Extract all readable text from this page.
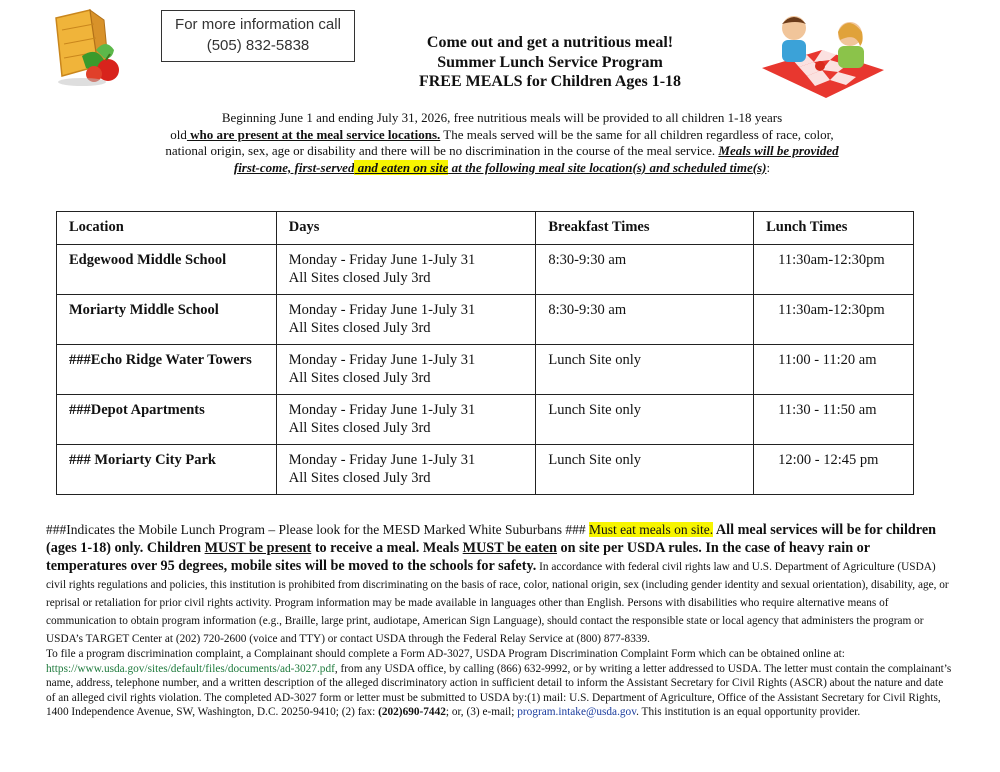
For more information call
(505) 832-5838	Come out and get a nutritious meal!
Summer Lunch Service Program
FREE MEALS for Children Ages 1-18
Beginning June 1 and ending July 31, 2026, free nutritious meals will be provided to all children 1-18 years
old who are present at the meal service locations. The meals served will be the same for all children regardless of race, color,
national origin, sex, age or disability and there will be no discrimination in the course of the meal service. Meals will be provided
first-come, first-served and eaten on site at the following meal site location(s) and scheduled time(s):
Location	Days	Breakfast Times	Lunch Times
Edgewood Middle School	Monday - Friday June 1-July 31
All Sites closed July 3rd	8:30-9:30 am	11:30am-12:30pm
Moriarty Middle School	Monday - Friday June 1-July 31
All Sites closed July 3rd	8:30-9:30 am	11:30am-12:30pm
###Echo Ridge Water Towers	Monday - Friday June 1-July 31
All Sites closed July 3rd	Lunch Site only	11:00 - 11:20 am
###Depot Apartments	Monday - Friday June 1-July 31
All Sites closed July 3rd	Lunch Site only	11:30 - 11:50 am
### Moriarty City Park	Monday - Friday June 1-July 31
All Sites closed July 3rd	Lunch Site only	12:00 - 12:45 pm
###Indicates the Mobile Lunch Program – Please look for the MESD Marked White Suburbans ### Must eat meals on site. All meal services will be for children (ages 1-18) only. Children MUST be present to receive a meal. Meals MUST be eaten on site per USDA rules. In the case of heavy rain or temperatures over 95 degrees, mobile sites will be moved to the schools for safety. In accordance with federal civil rights law and U.S. Department of Agriculture (USDA) civil rights regulations and policies, this institution is prohibited from discriminating on the basis of race, color, national origin, sex (including gender identity and sexual orientation), disability, age, or reprisal or retaliation for prior civil rights activity. Program information may be made available in languages other than English. Persons with disabilities who require alternative means of communication to obtain program information (e.g., Braille, large print, audiotape, American Sign Language), should contact the responsible state or local agency that administers the program or USDA’s TARGET Center at (202) 720-2600 (voice and TTY) or contact USDA through the Federal Relay Service at (800) 877-8339.
To file a program discrimination complaint, a Complainant should complete a Form AD-3027, USDA Program Discrimination Complaint Form which can be obtained online at: https://www.usda.gov/sites/default/files/documents/ad-3027.pdf, from any USDA office, by calling (866) 632-9992, or by writing a letter addressed to USDA. The letter must contain the complainant’s name, address, telephone number, and a written description of the alleged discriminatory action in sufficient detail to inform the Assistant Secretary for Civil Rights (ASCR) about the nature and date of an alleged civil rights violation. The completed AD-3027 form or letter must be submitted to USDA by:(1) mail: U.S. Department of Agriculture, Office of the Assistant Secretary for Civil Rights, 1400 Independence Avenue, SW, Washington, D.C. 20250-9410; (2) fax: (202)690-7442; or, (3) e-mail; program.intake@usda.gov. This institution is an equal opportunity provider.
